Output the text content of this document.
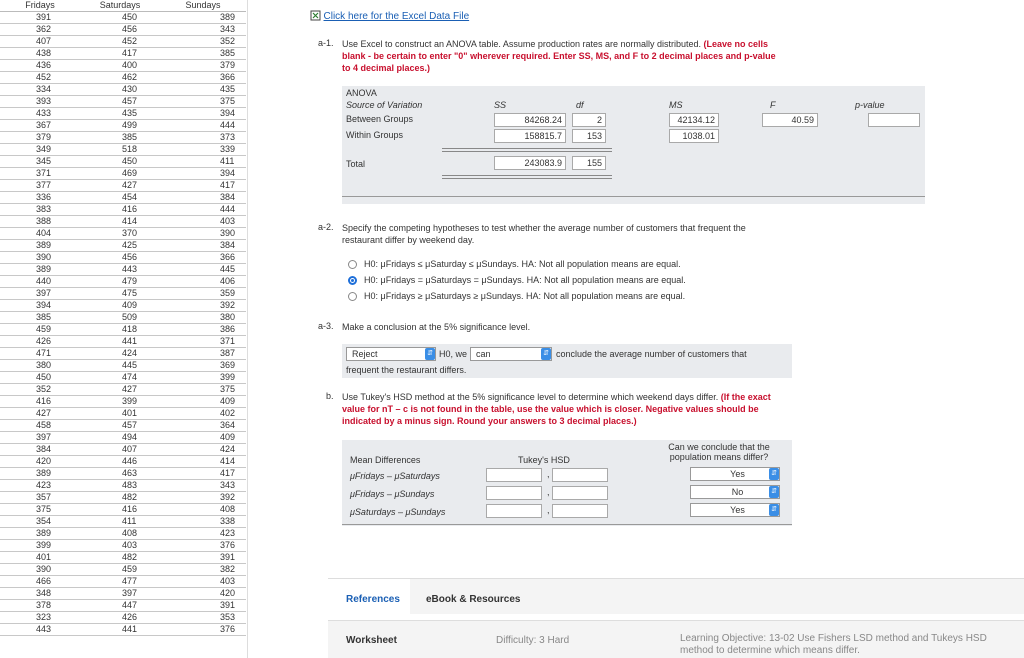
Fridays	Saturdays	Sundays
391	450	389
362	456	343
407	452	352
438	417	385
436	400	379
452	462	366
334	430	435
393	457	375
433	435	394
367	499	444
379	385	373
349	518	339
345	450	411
371	469	394
377	427	417
336	454	384
383	416	444
388	414	403
404	370	390
389	425	384
390	456	366
389	443	445
440	479	406
397	475	359
394	409	392
385	509	380
459	418	386
426	441	371
471	424	387
380	445	369
450	474	399
352	427	375
416	399	409
427	401	402
458	457	364
397	494	409
384	407	424
420	446	414
389	463	417
423	483	343
357	482	392
375	416	408
354	411	338
389	408	423
399	403	376
401	482	391
390	459	382
466	477	403
348	397	420
378	447	391
323	426	353
443	441	376
Click here for the Excel Data File
a-1. Use Excel to construct an ANOVA table. Assume production rates are normally distributed. (Leave no cells blank - be certain to enter "0" wherever required. Enter SS, MS, and F to 2 decimal places and p-value to 4 decimal places.)
ANOVA
Source of Variation	SS	df	MS	F	p-value
Between Groups	84268.24	2	42134.12	40.59
Within Groups	158815.7	153	1038.01
Total	243083.9	155
a-2. Specify the competing hypotheses to test whether the average number of customers that frequent the restaurant differ by weekend day.
H0: μFridays ≤ μSaturday ≤ μSundays. HA: Not all population means are equal.
H0: μFridays = μSaturdays = μSundays. HA: Not all population means are equal.
H0: μFridays ≥ μSaturdays ≥ μSundays. HA: Not all population means are equal.
a-3. Make a conclusion at the 5% significance level.
Reject	⇵ H0, we can	⇵ conclude the average number of customers that
frequent the restaurant differs.
b. Use Tukey's HSD method at the 5% significance level to determine which weekend days differ. (If the exact value for nT – c is not found in the table, use the value which is closer. Negative values should be indicated by a minus sign. Round your answers to 3 decimal places.)
Mean Differences	Tukey's HSD
Can we conclude that the population means differ?
μFridays – μSaturdays	,	Yes	⇵
μFridays – μSundays	,	No	⇵
μSaturdays – μSundays	,	Yes	⇵
References	eBook & Resources
Worksheet	Difficulty: 3 Hard	Learning Objective: 13-02 Use Fishers LSD method and Tukeys HSD method to determine which means differ.
